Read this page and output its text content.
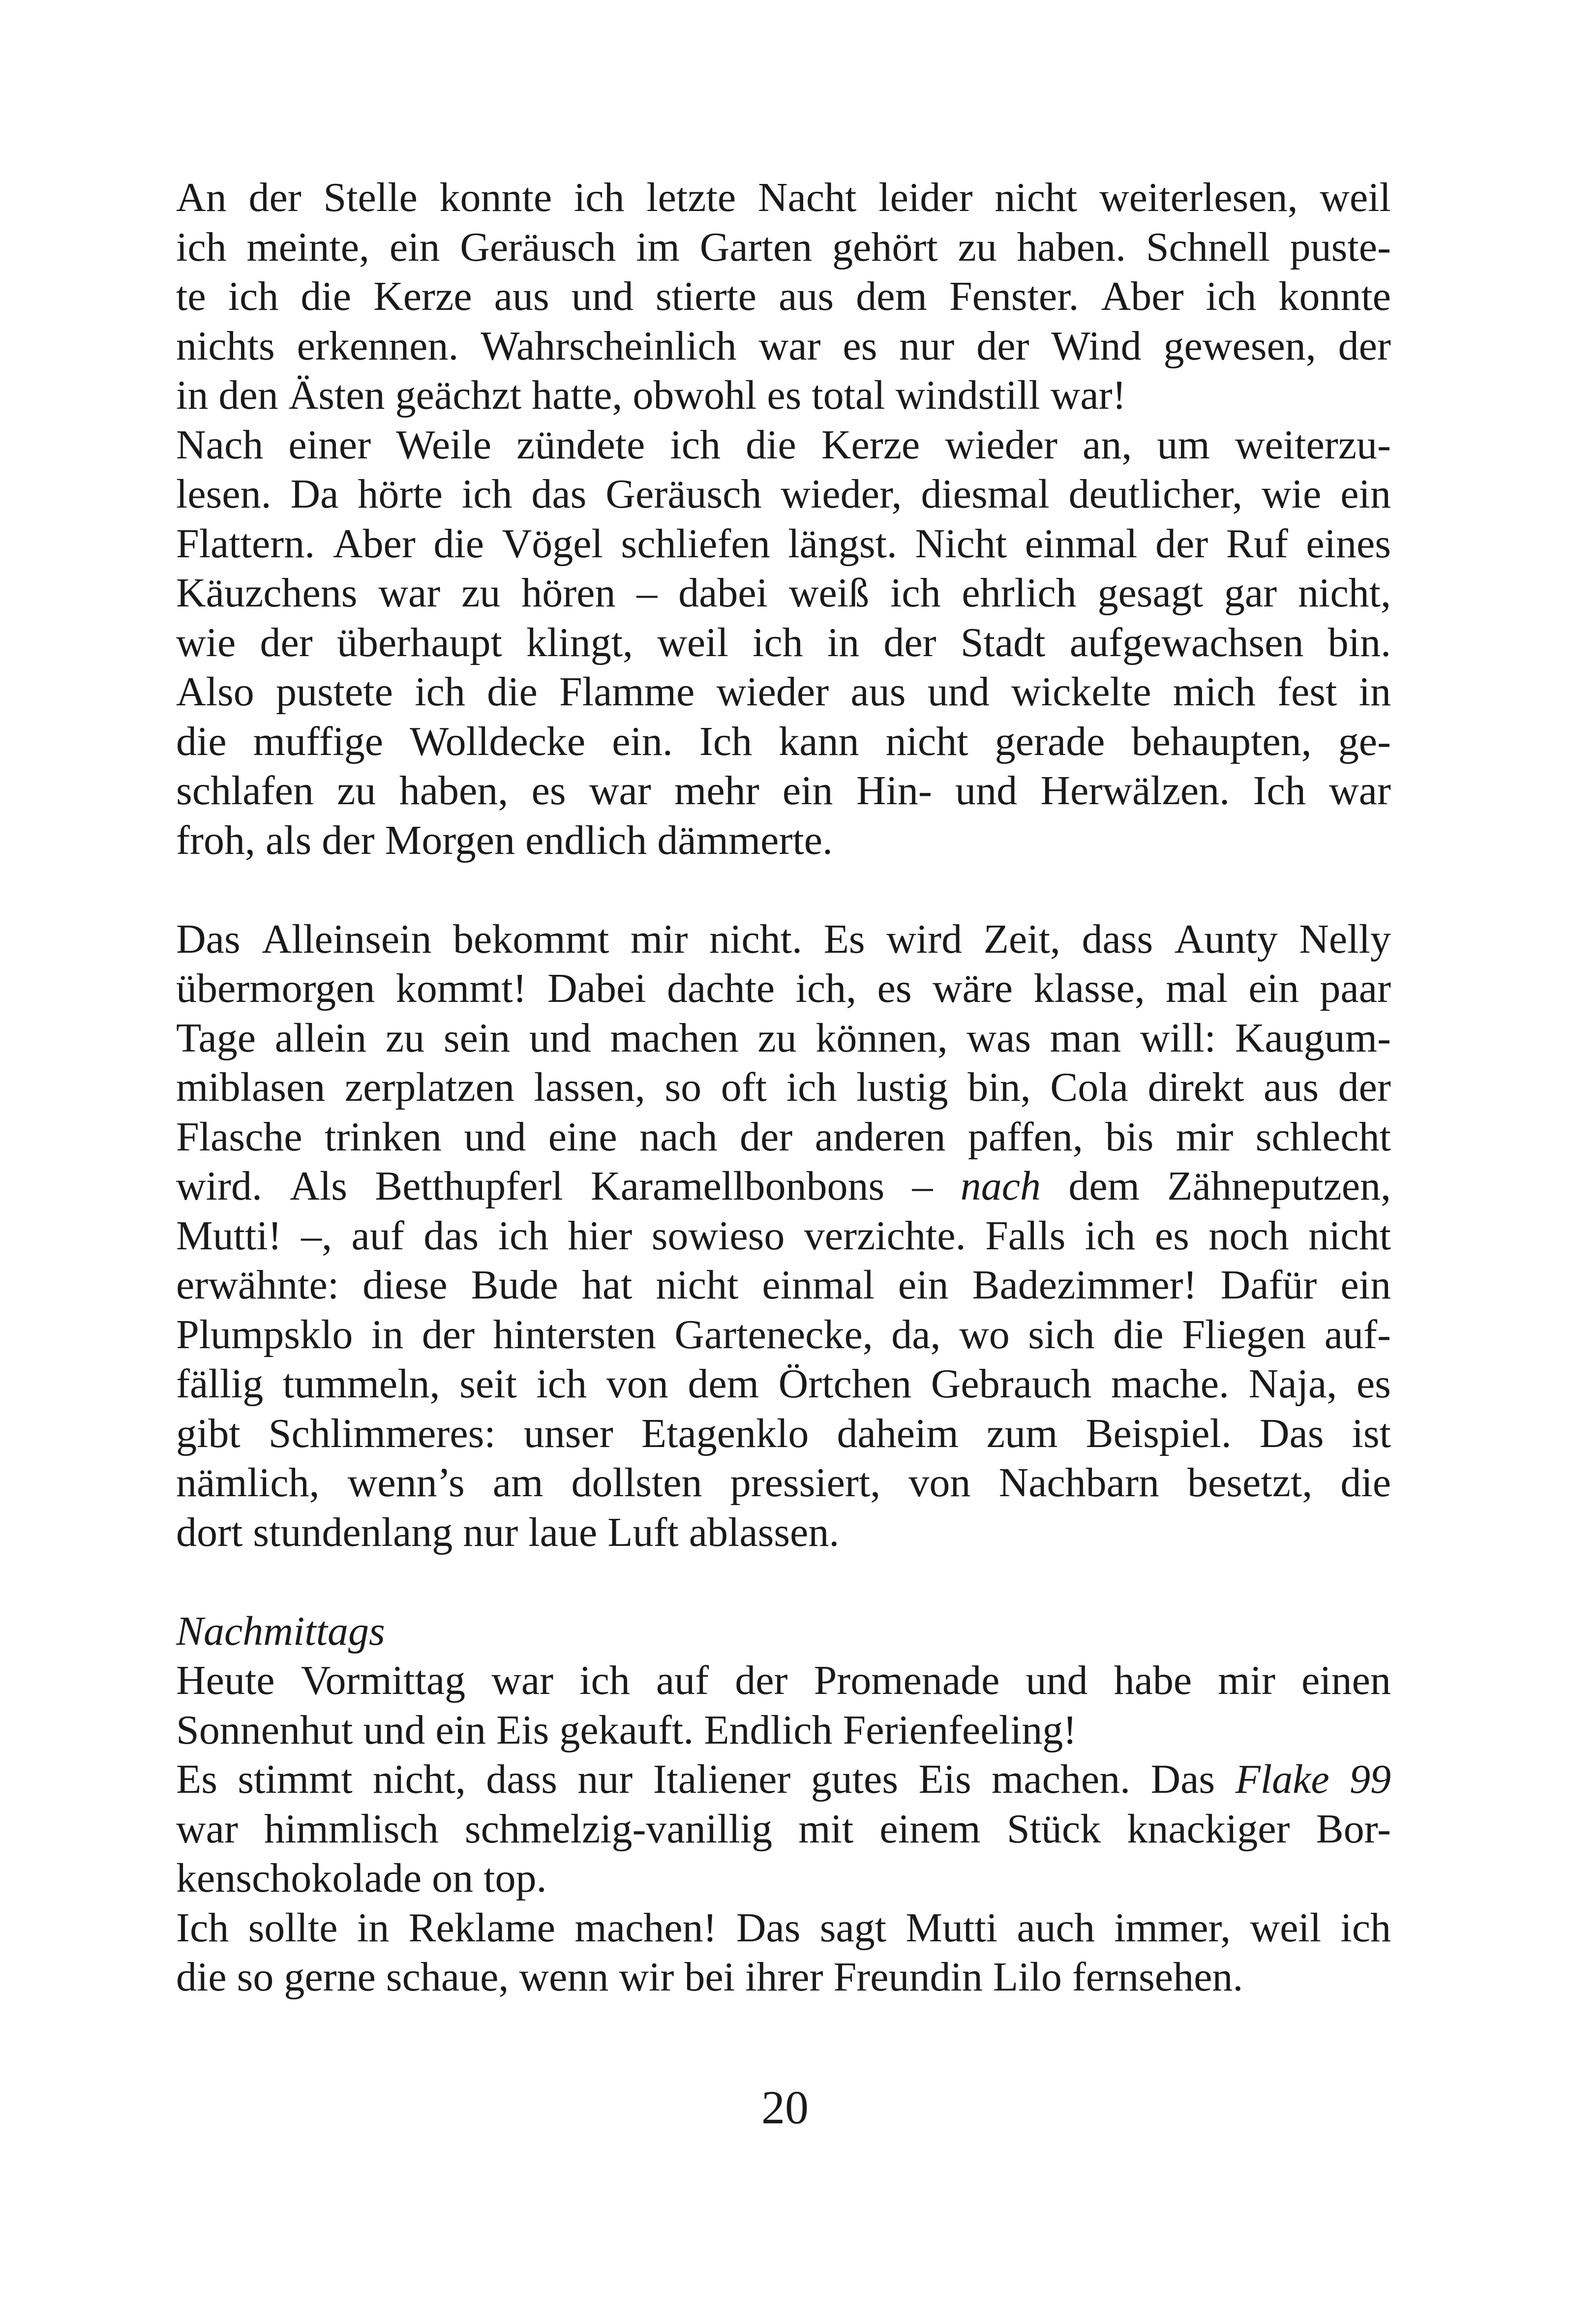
An der Stelle konnte ich letzte Nacht leider nicht weiterlesen, weil
ich meinte, ein Geräusch im Garten gehört zu haben. Schnell puste-
te ich die Kerze aus und stierte aus dem Fenster. Aber ich konnte
nichts erkennen. Wahrscheinlich war es nur der Wind gewesen, der
in den Ästen geächzt hatte, obwohl es total windstill war!
Nach einer Weile zündete ich die Kerze wieder an, um weiterzu-
lesen. Da hörte ich das Geräusch wieder, diesmal deutlicher, wie ein
Flattern. Aber die Vögel schliefen längst. Nicht einmal der Ruf eines
Käuzchens war zu hören – dabei weiß ich ehrlich gesagt gar nicht,
wie der überhaupt klingt, weil ich in der Stadt aufgewachsen bin.
Also pustete ich die Flamme wieder aus und wickelte mich fest in
die muffige Wolldecke ein. Ich kann nicht gerade behaupten, ge-
schlafen zu haben, es war mehr ein Hin- und Herwälzen. Ich war
froh, als der Morgen endlich dämmerte.
Das Alleinsein bekommt mir nicht. Es wird Zeit, dass Aunty Nelly
übermorgen kommt! Dabei dachte ich, es wäre klasse, mal ein paar
Tage allein zu sein und machen zu können, was man will: Kaugum-
miblasen zerplatzen lassen, so oft ich lustig bin, Cola direkt aus der
Flasche trinken und eine nach der anderen paffen, bis mir schlecht
wird. Als Betthupferl Karamellbonbons – nach dem Zähneputzen,
Mutti! –, auf das ich hier sowieso verzichte. Falls ich es noch nicht
erwähnte: diese Bude hat nicht einmal ein Badezimmer! Dafür ein
Plumpsklo in der hintersten Gartenecke, da, wo sich die Fliegen auf-
fällig tummeln, seit ich von dem Örtchen Gebrauch mache. Naja, es
gibt Schlimmeres: unser Etagenklo daheim zum Beispiel. Das ist
nämlich, wenn’s am dollsten pressiert, von Nachbarn besetzt, die
dort stundenlang nur laue Luft ablassen.
Nachmittags
Heute Vormittag war ich auf der Promenade und habe mir einen
Sonnenhut und ein Eis gekauft. Endlich Ferienfeeling!
Es stimmt nicht, dass nur Italiener gutes Eis machen. Das Flake 99
war himmlisch schmelzig-vanillig mit einem Stück knackiger Bor-
kenschokolade on top.
Ich sollte in Reklame machen! Das sagt Mutti auch immer, weil ich
die so gerne schaue, wenn wir bei ihrer Freundin Lilo fernsehen.
20
